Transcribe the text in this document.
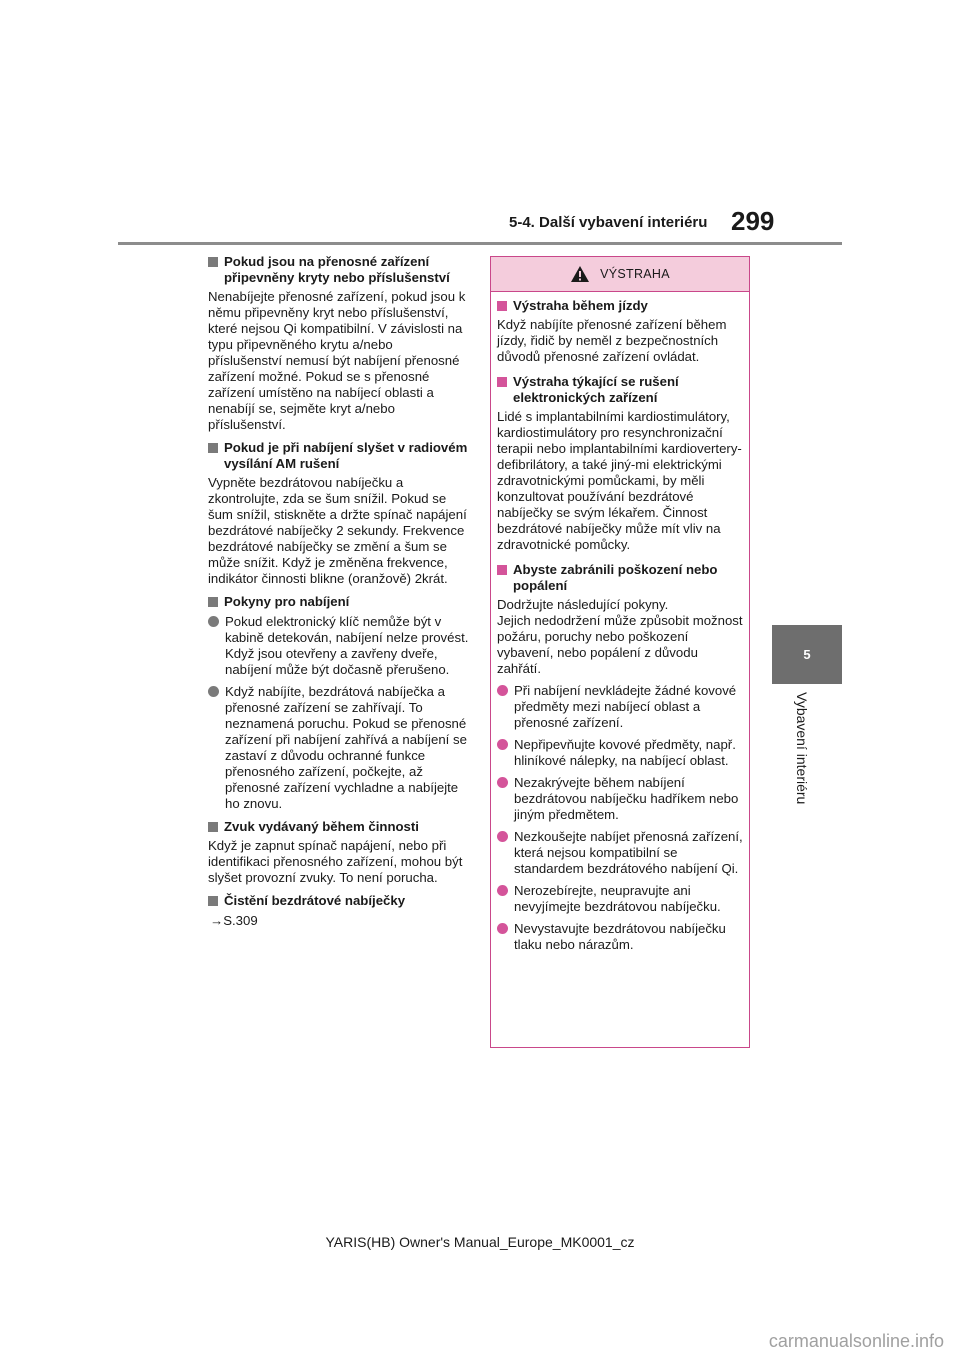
5-4. Další vybavení interiéru 299
5
Vybavení interiéru
Pokud jsou na přenosné zařízení připevněny kryty nebo příslušenství

Nenabíjejte přenosné zařízení, pokud jsou k němu připevněny kryt nebo příslušenství, které nejsou Qi kompatibilní. V závislosti na typu připevněného krytu a/nebo příslušenství nemusí být nabíjení přenosné zařízení možné. Pokud se s přenosné zařízení umístěno na nabíjecí oblasti a nenabíjí se, sejměte kryt a/nebo příslušenství.

Pokud je při nabíjení slyšet v radiovém vysílání AM rušení

Vypněte bezdrátovou nabíječku a zkontrolujte, zda se šum snížil. Pokud se šum snížil, stiskněte a držte spínač napájení bezdrátové nabíječky 2 sekundy. Frekvence bezdrátové nabíječky se změní a šum se může snížit. Když je změněna frekvence, indikátor činnosti blikne (oranžově) 2krát.

Pokyny pro nabíjení
Pokud elektronický klíč nemůže být v kabině detekován, nabíjení nelze provést. Když jsou otevřeny a zavřeny dveře, nabíjení může být dočasně přerušeno.
Když nabíjíte, bezdrátová nabíječka a přenosné zařízení se zahřívají. To neznamená poruchu. Pokud se přenosné zařízení při nabíjení zahřívá a nabíjení se zastaví z důvodu ochranné funkce přenosného zařízení, počkejte, až přenosné zařízení vychladne a nabíjejte ho znovu.
Zvuk vydávaný během činnosti

Když je zapnut spínač napájení, nebo při identifikaci přenosného zařízení, mohou být slyšet provozní zvuky. To není porucha.

Čistění bezdrátové nabíječky
→S.309
VÝSTRAHA
Výstraha během jízdy

Když nabíjíte přenosné zařízení během jízdy, řidič by neměl z bezpečnostních důvodů přenosné zařízení ovládat.

Výstraha týkající se rušení elektronických zařízení

Lidé s implantabilními kardiostimulátory, kardiostimulátory pro resynchronizační terapii nebo implantabilními kardiovertery-defibrilátory, a také jiný-mi elektrickými zdravotnickými pomůckami, by měli konzultovat používání bezdrátové nabíječky se svým lékařem. Činnost bezdrátové nabíječky může mít vliv na zdravotnické pomůcky.

Abyste zabránili poškození nebo popálení

Dodržujte následující pokyny.
Jejich nedodržení může způsobit možnost požáru, poruchy nebo poškození vybavení, nebo popálení z důvodu zahřátí.

Při nabíjení nevkládejte žádné kovové předměty mezi nabíjecí oblast a přenosné zařízení.
Nepřipevňujte kovové předměty, např. hliníkové nálepky, na nabíjecí oblast.
Nezakrývejte během nabíjení bezdrátovou nabíječku hadříkem nebo jiným předmětem.
Nezkoušejte nabíjet přenosná zařízení, která nejsou kompatibilní se standardem bezdrátového nabíjení Qi.
Nerozebírejte, neupravujte ani nevyjímejte bezdrátovou nabíječku.
Nevystavujte bezdrátovou nabíječku tlaku nebo nárazům.
YARIS(HB) Owner's Manual_Europe_MK0001_cz
carmanualsonline.info
